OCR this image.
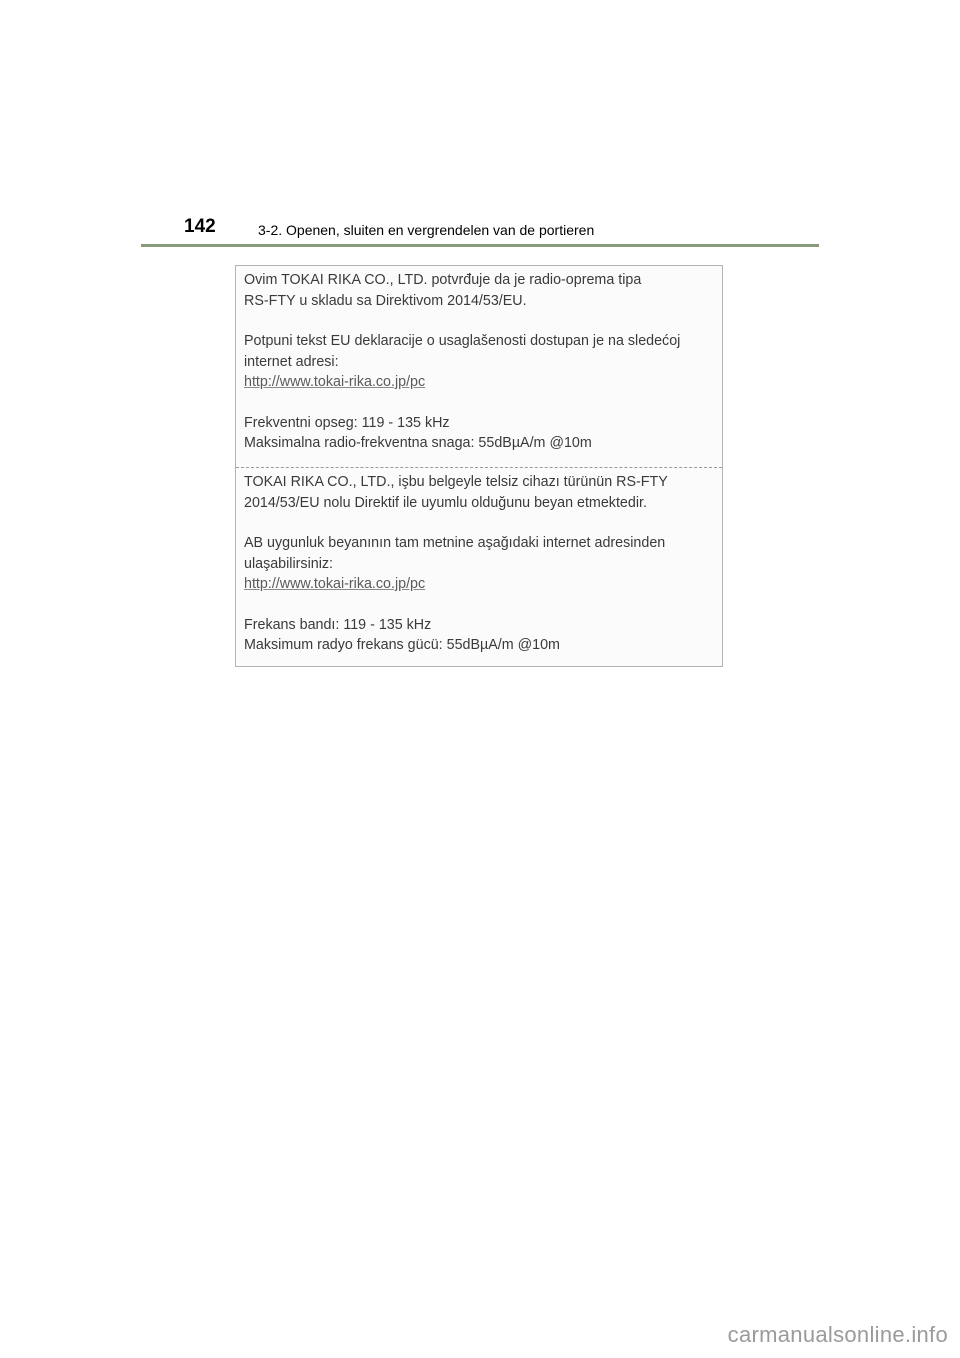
142	3-2. Openen, sluiten en vergrendelen van de portieren

Ovim TOKAI RIKA CO., LTD. potvrđuje da je radio-oprema tipa

RS-FTY u skladu sa Direktivom 2014/53/EU.

Potpuni tekst EU deklaracije o usaglašenosti dostupan je na sledećoj

internet adresi:

http://www.tokai-rika.co.jp/pc

Frekventni opseg: 119 - 135 kHz

Maksimalna radio-frekventna snaga: 55dBµA/m @10m

TOKAI RIKA CO., LTD., işbu belgeyle telsiz cihazı türünün RS-FTY

2014/53/EU nolu Direktif ile uyumlu olduğunu beyan etmektedir.

AB uygunluk beyanının tam metnine aşağıdaki internet adresinden

ulaşabilirsiniz:

http://www.tokai-rika.co.jp/pc

Frekans bandı: 119 - 135 kHz

Maksimum radyo frekans gücü: 55dBµA/m @10m

carmanualsonline.info
